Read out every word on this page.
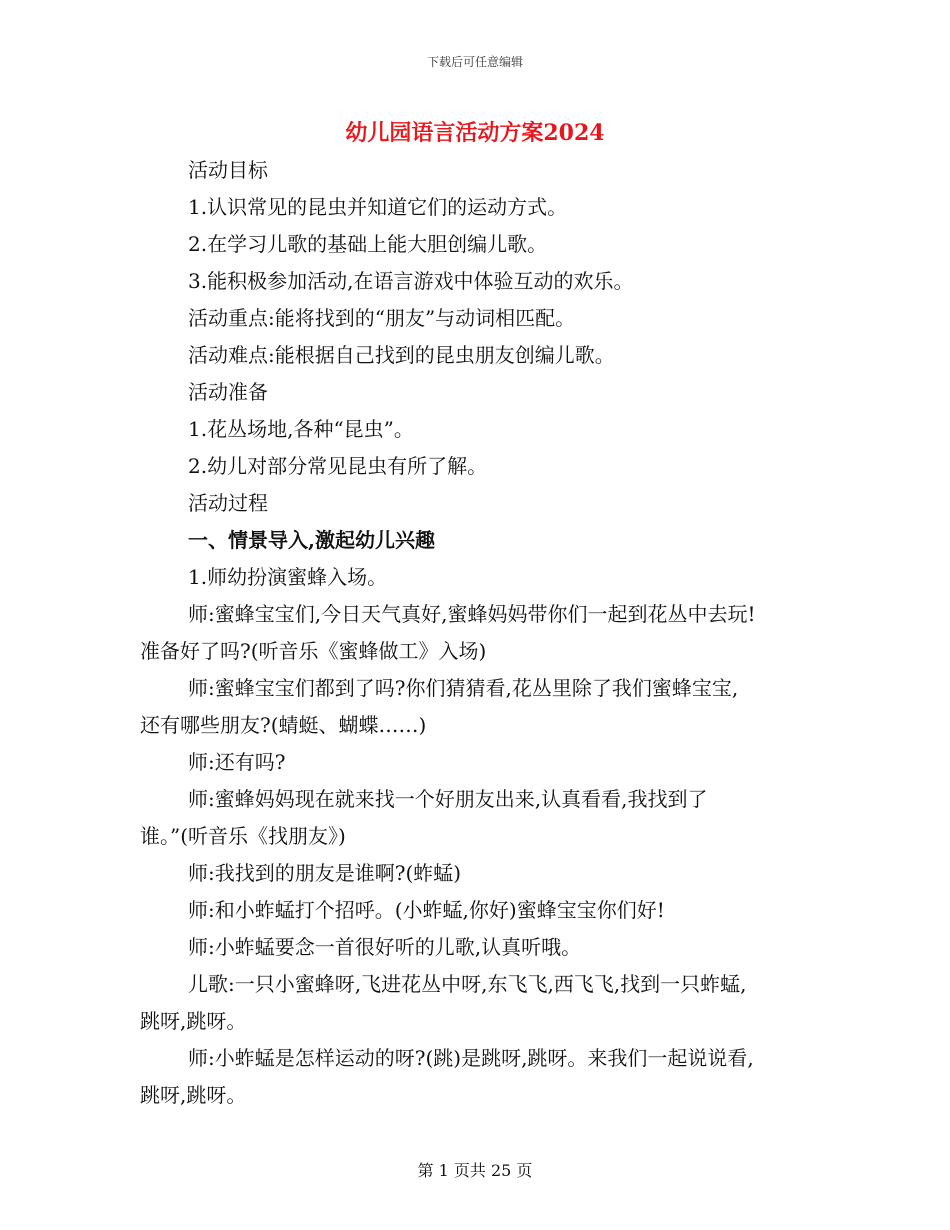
下载后可任意编辑
幼儿园语言活动方案2024

活动目标

1.认识常见的昆虫并知道它们的运动方式。

2.在学习儿歌的基础上能大胆创编儿歌。

3.能积极参加活动,在语言游戏中体验互动的欢乐。

活动重点:能将找到的“朋友”与动词相匹配。

活动难点:能根据自己找到的昆虫朋友创编儿歌。

活动准备

1.花丛场地,各种“昆虫”。

2.幼儿对部分常见昆虫有所了解。

活动过程

一、情景导入,激起幼儿兴趣

1.师幼扮演蜜蜂入场。

师:蜜蜂宝宝们,今日天气真好,蜜蜂妈妈带你们一起到花丛中去玩!

准备好了吗?(听音乐《蜜蜂做工》入场)

师:蜜蜂宝宝们都到了吗?你们猜猜看,花丛里除了我们蜜蜂宝宝,

还有哪些朋友?(蜻蜓、蝴蝶……)

师:还有吗?

师:蜜蜂妈妈现在就来找一个好朋友出来,认真看看,我找到了

谁。”(听音乐《找朋友》)

师:我找到的朋友是谁啊?(蚱蜢)

师:和小蚱蜢打个招呼。(小蚱蜢,你好)蜜蜂宝宝你们好!

师:小蚱蜢要念一首很好听的儿歌,认真听哦。

儿歌:一只小蜜蜂呀,飞进花丛中呀,东飞飞,西飞飞,找到一只蚱蜢,

跳呀,跳呀。

师:小蚱蜢是怎样运动的呀?(跳)是跳呀,跳呀。来我们一起说说看,

跳呀,跳呀。

第 1 页共 25 页
